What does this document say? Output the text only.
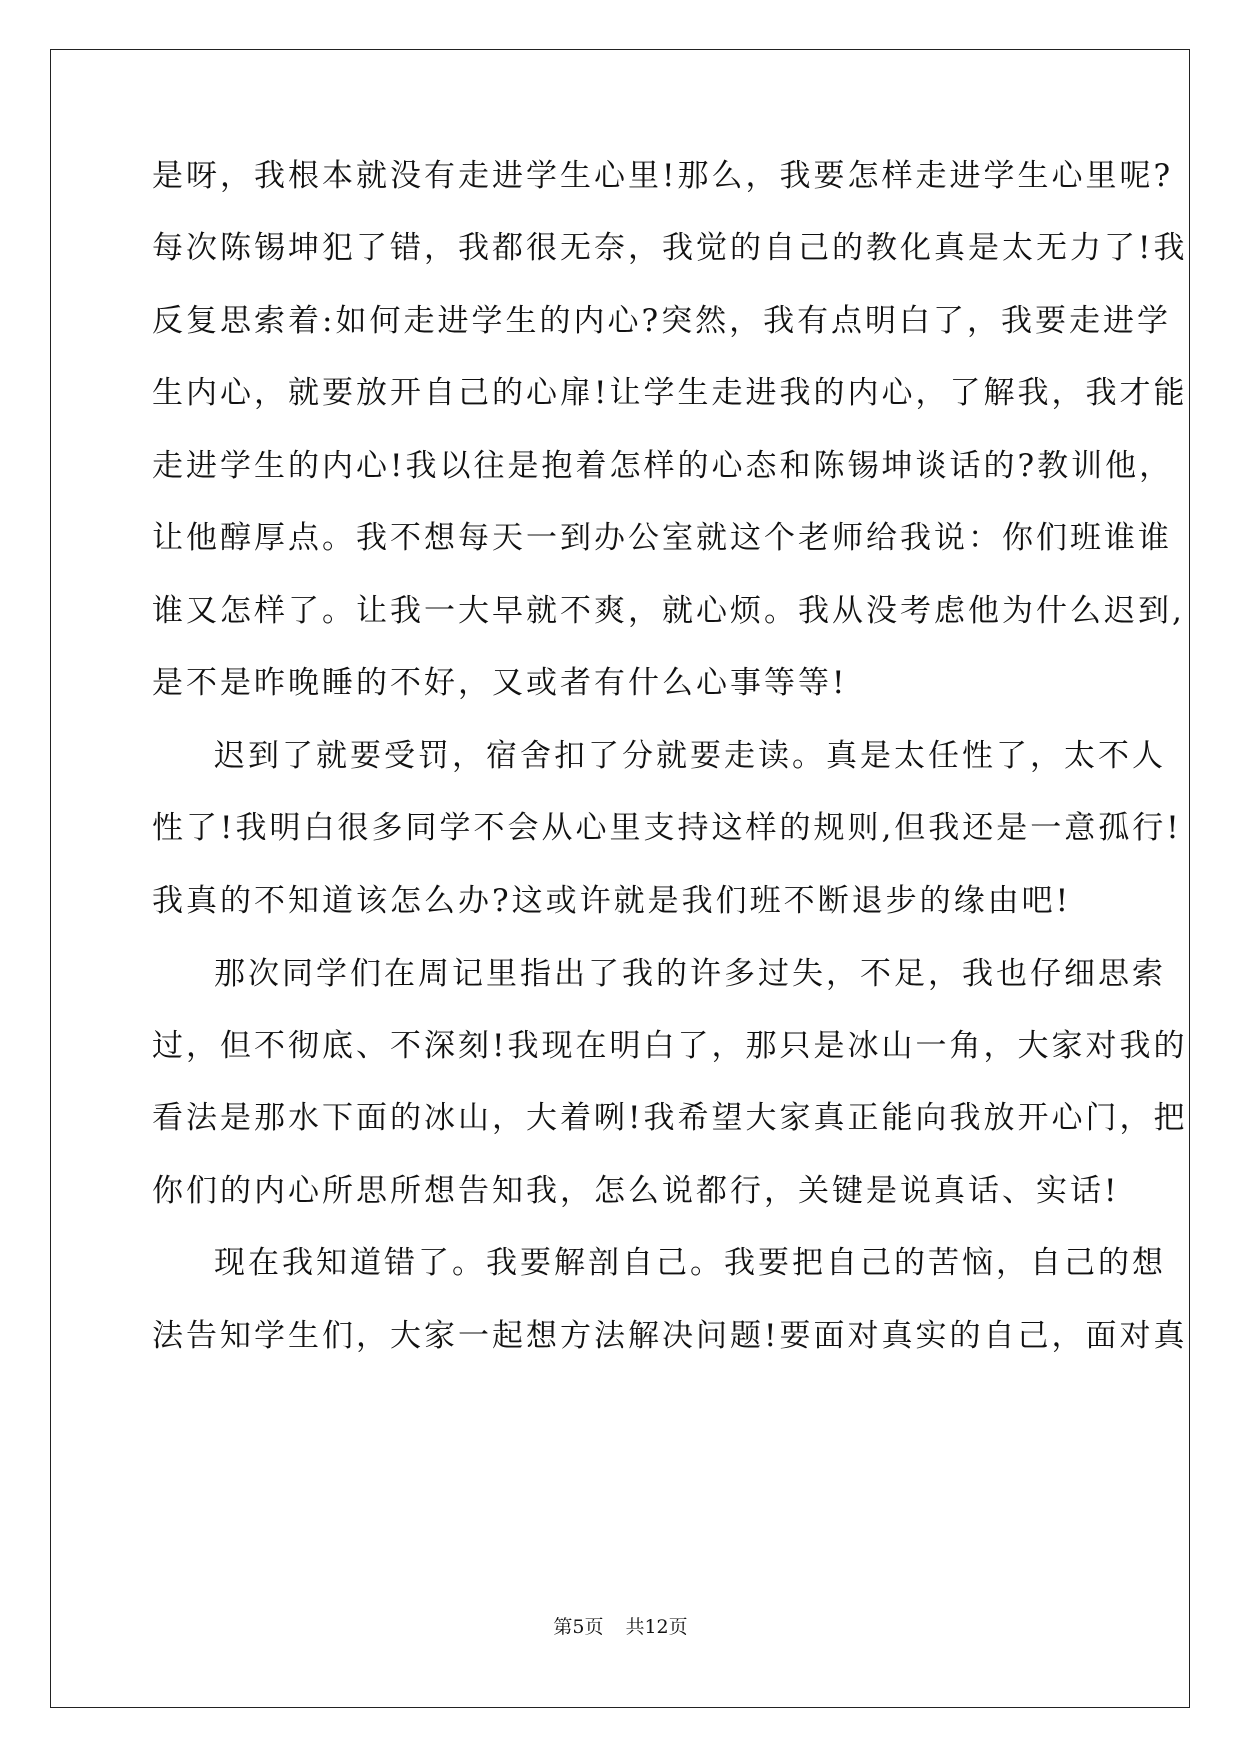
是呀，我根本就没有走进学生心里!那么，我要怎样走进学生心里呢?
每次陈锡坤犯了错，我都很无奈，我觉的自己的教化真是太无力了!我
反复思索着:如何走进学生的内心?突然，我有点明白了，我要走进学
生内心，就要放开自己的心扉!让学生走进我的内心，了解我，我才能
走进学生的内心!我以往是抱着怎样的心态和陈锡坤谈话的?教训他，
让他醇厚点。我不想每天一到办公室就这个老师给我说：你们班谁谁
谁又怎样了。让我一大早就不爽，就心烦。我从没考虑他为什么迟到,
是不是昨晚睡的不好，又或者有什么心事等等!
迟到了就要受罚，宿舍扣了分就要走读。真是太任性了，太不人
性了!我明白很多同学不会从心里支持这样的规则,但我还是一意孤行!
我真的不知道该怎么办?这或许就是我们班不断退步的缘由吧!
那次同学们在周记里指出了我的许多过失，不足，我也仔细思索
过，但不彻底、不深刻!我现在明白了，那只是冰山一角，大家对我的
看法是那水下面的冰山，大着咧!我希望大家真正能向我放开心门，把
你们的内心所思所想告知我，怎么说都行，关键是说真话、实话!
现在我知道错了。我要解剖自己。我要把自己的苦恼，自己的想
法告知学生们，大家一起想方法解决问题!要面对真实的自己，面对真
第5页 共12页
